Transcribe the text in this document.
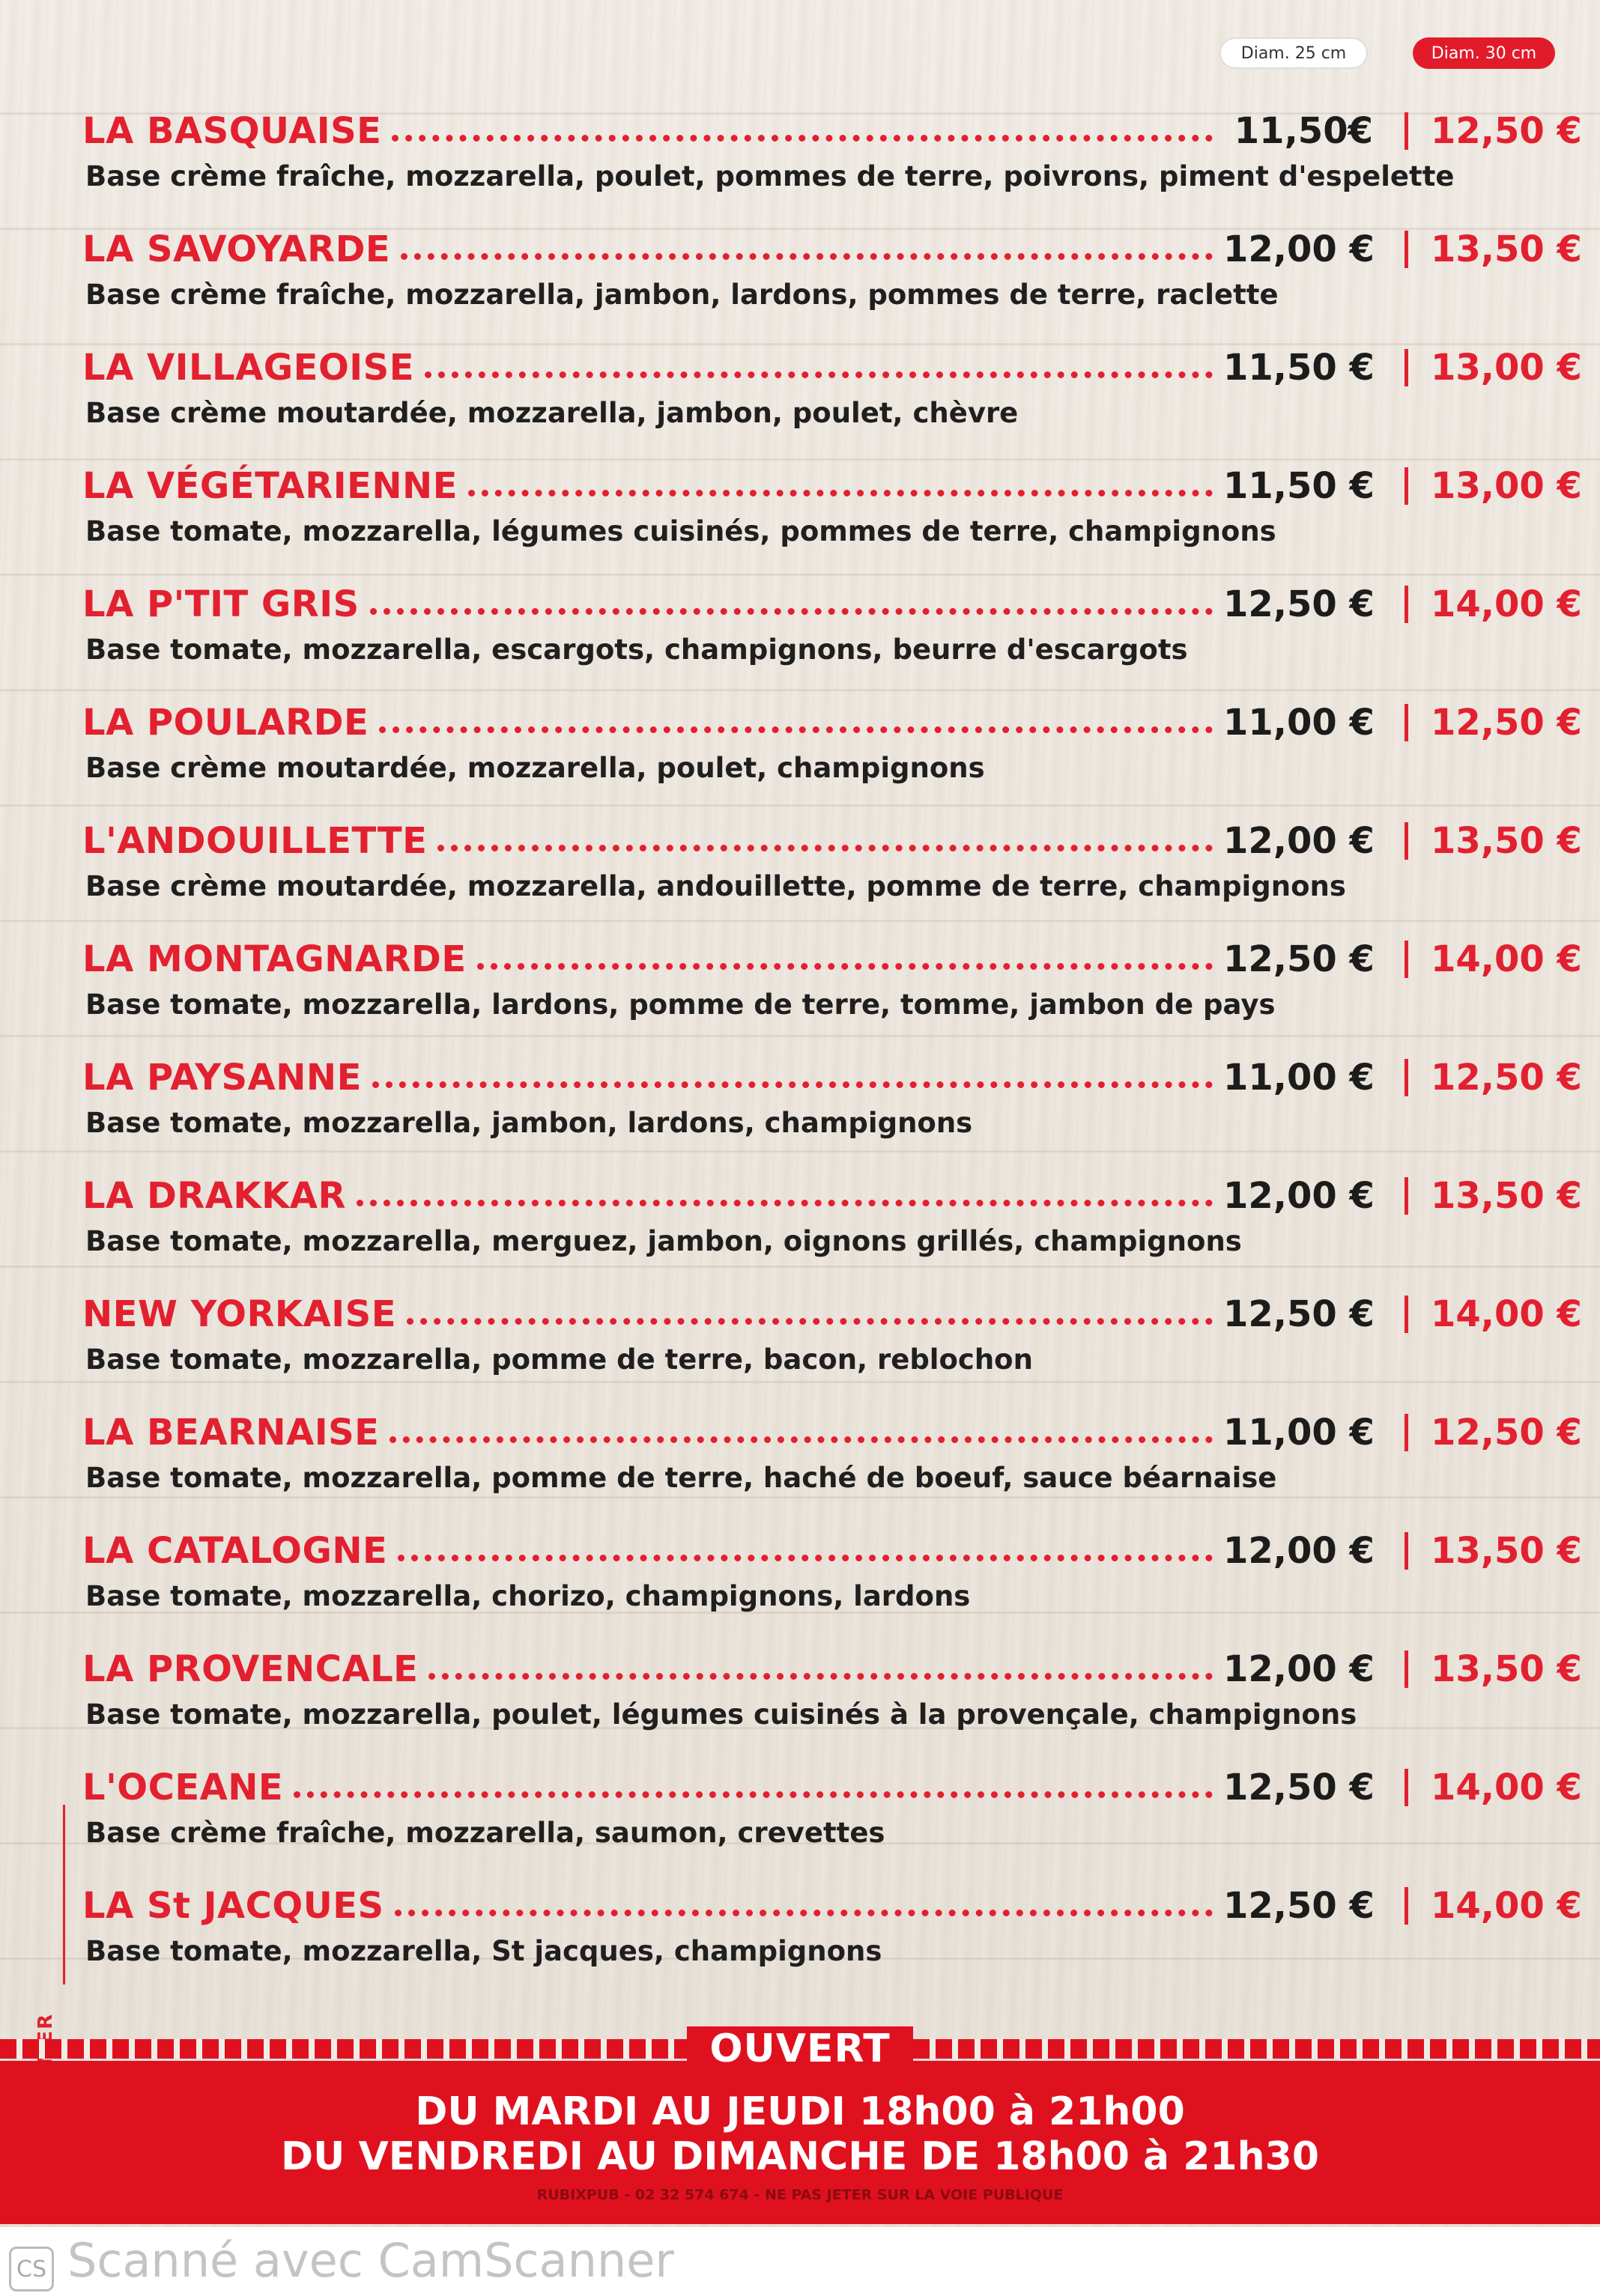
Diam. 25 cm	Diam. 30 cm
LA BASQUAISE	11,50€ 12,50 €
Base crème fraîche, mozzarella, poulet, pommes de terre, poivrons, piment d'espelette
LA SAVOYARDE	12,00 € 13,50 €
Base crème fraîche, mozzarella, jambon, lardons, pommes de terre, raclette
LA VILLAGEOISE	11,50 € 13,00 €
Base crème moutardée, mozzarella, jambon, poulet, chèvre
LA VÉGÉTARIENNE	11,50 € 13,00 €
Base tomate, mozzarella, légumes cuisinés, pommes de terre, champignons
LA P'TIT GRIS	12,50 € 14,00 €
Base tomate, mozzarella, escargots, champignons, beurre d'escargots
LA POULARDE	11,00 € 12,50 €
Base crème moutardée, mozzarella, poulet, champignons
L'ANDOUILLETTE	12,00 € 13,50 €
Base crème moutardée, mozzarella, andouillette, pomme de terre, champignons
LA MONTAGNARDE	12,50 € 14,00 €
Base tomate, mozzarella, lardons, pomme de terre, tomme, jambon de pays
LA PAYSANNE	11,00 € 12,50 €
Base tomate, mozzarella, jambon, lardons, champignons
LA DRAKKAR	12,00 € 13,50 €
Base tomate, mozzarella, merguez, jambon, oignons grillés, champignons
NEW YORKAISE	12,50 € 14,00 €
Base tomate, mozzarella, pomme de terre, bacon, reblochon
LA BEARNAISE	11,00 € 12,50 €
Base tomate, mozzarella, pomme de terre, haché de boeuf, sauce béarnaise
LA CATALOGNE	12,00 € 13,50 €
Base tomate, mozzarella, chorizo, champignons, lardons
LA PROVENCALE	12,00 € 13,50 €
Base tomate, mozzarella, poulet, légumes cuisinés à la provençale, champignons
L'OCEANE	12,50 € 14,00 €
Base crème fraîche, mozzarella, saumon, crevettes
LA St JACQUES	12,50 € 14,00 €
Base tomate, mozzarella, St jacques, champignons
OUVERT
DU MARDI AU JEUDI 18h00 à 21h00
DU VENDREDI AU DIMANCHE DE 18h00 à 21h30
RUBIXPUB - 02 32 574 674 - NE PAS JETER SUR LA VOIE PUBLIQUE
CS Scanné avec CamScanner
